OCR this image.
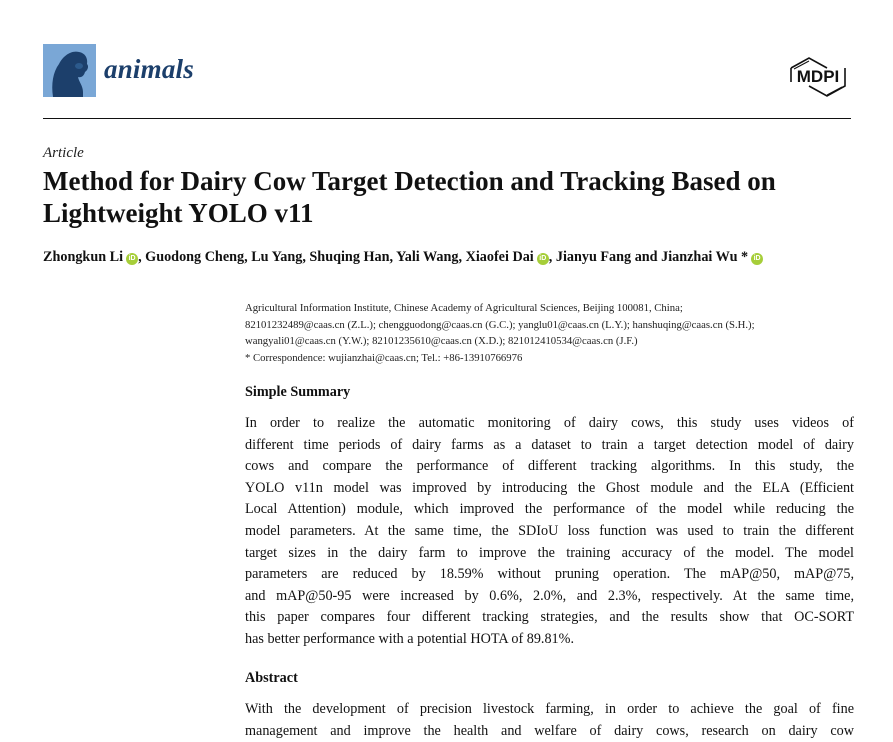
animals	MDPI
Article
Method for Dairy Cow Target Detection and Tracking Based on
Lightweight YOLO v11
Zhongkun Li iD , Guodong Cheng, Lu Yang, Shuqing Han, Yali Wang, Xiaofei Dai iD , Jianyu Fang and Jianzhai Wu * iD
Agricultural Information Institute, Chinese Academy of Agricultural Sciences, Beijing 100081, China;
82101232489@caas.cn (Z.L.); chengguodong@caas.cn (G.C.); yanglu01@caas.cn (L.Y.); hanshuqing@caas.cn (S.H.);
wangyali01@caas.cn (Y.W.); 82101235610@caas.cn (X.D.); 821012410534@caas.cn (J.F.)
* Correspondence: wujianzhai@caas.cn; Tel.: +86-13910766976
Simple Summary
In order to realize the automatic monitoring of dairy cows, this study uses videos of
different time periods of dairy farms as a dataset to train a target detection model of dairy
cows and compare the performance of different tracking algorithms. In this study, the
YOLO v11n model was improved by introducing the Ghost module and the ELA (Efficient
Local Attention) module, which improved the performance of the model while reducing the
model parameters. At the same time, the SDIoU loss function was used to train the different
target sizes in the dairy farm to improve the training accuracy of the model. The model
parameters are reduced by 18.59% without pruning operation. The mAP@50, mAP@75,
and mAP@50-95 were increased by 0.6%, 2.0%, and 2.3%, respectively. At the same time,
this paper compares four different tracking strategies, and the results show that OC-SORT
has better performance with a potential HOTA of 89.81%.
Abstract
With the development of precision livestock farming, in order to achieve the goal of fine
management and improve the health and welfare of dairy cows, research on dairy cow
